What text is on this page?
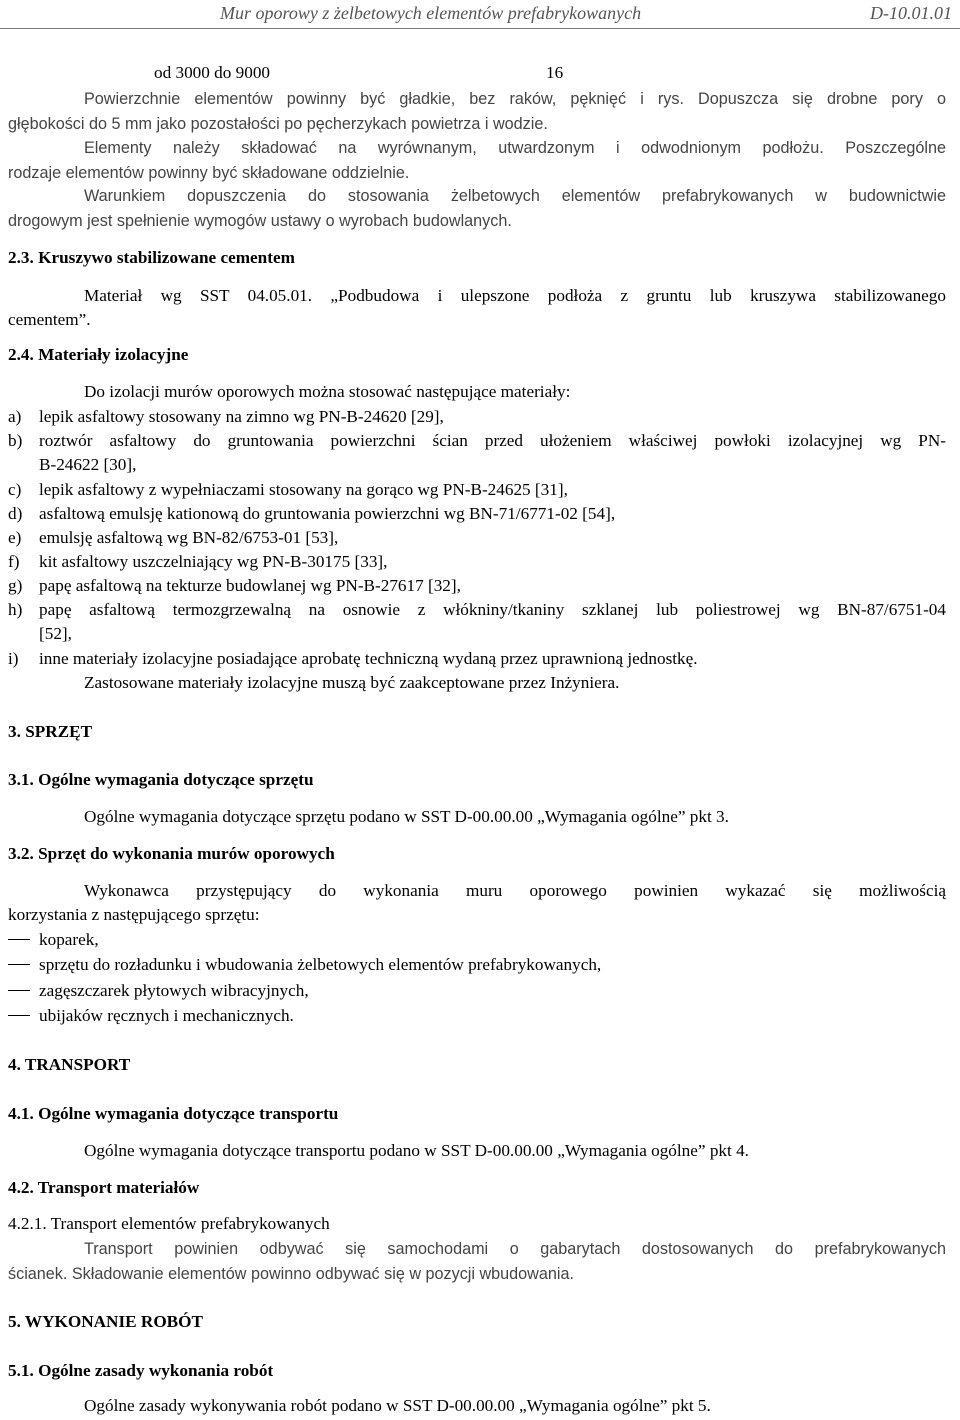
Mur oporowy z żelbetowych elementów prefabrykowanych	D-10.01.01
od 3000 do 9000	16
Powierzchnie elementów powinny być gładkie, bez raków, pęknięć i rys. Dopuszcza się drobne pory o
głębokości do 5 mm jako pozostałości po pęcherzykach powietrza i wodzie.
Elementy należy składować na wyrównanym, utwardzonym i odwodnionym podłożu. Poszczególne
rodzaje elementów powinny być składowane oddzielnie.
Warunkiem dopuszczenia do stosowania żelbetowych elementów prefabrykowanych w budownictwie
drogowym jest spełnienie wymogów ustawy o wyrobach budowlanych.
2.3. Kruszywo stabilizowane cementem
Materiał wg SST 04.05.01. „Podbudowa i ulepszone podłoża z gruntu lub kruszywa stabilizowanego
cementem”.
2.4. Materiały izolacyjne
Do izolacji murów oporowych można stosować następujące materiały:
a) lepik asfaltowy stosowany na zimno wg PN-B-24620 [29],
b) roztwór asfaltowy do gruntowania powierzchni ścian przed ułożeniem właściwej powłoki izolacyjnej wg PN-
B-24622 [30],
c) lepik asfaltowy z wypełniaczami stosowany na gorąco wg PN-B-24625 [31],
d) asfaltową emulsję kationową do gruntowania powierzchni wg BN-71/6771-02 [54],
e) emulsję asfaltową wg BN-82/6753-01 [53],
f) kit asfaltowy uszczelniający wg PN-B-30175 [33],
g) papę asfaltową na tekturze budowlanej wg PN-B-27617 [32],
h) papę asfaltową termozgrzewalną na osnowie z włókniny/tkaniny szklanej lub poliestrowej wg BN-87/6751-04
[52],
i) inne materiały izolacyjne posiadające aprobatę techniczną wydaną przez uprawnioną jednostkę.
Zastosowane materiały izolacyjne muszą być zaakceptowane przez Inżyniera.
3. SPRZĘT
3.1. Ogólne wymagania dotyczące sprzętu
Ogólne wymagania dotyczące sprzętu podano w SST D-00.00.00 „Wymagania ogólne” pkt 3.
3.2. Sprzęt do wykonania murów oporowych
Wykonawca przystępujący do wykonania muru oporowego powinien wykazać się możliwością
korzystania z następującego sprzętu:
koparek,
sprzętu do rozładunku i wbudowania żelbetowych elementów prefabrykowanych,
zagęszczarek płytowych wibracyjnych,
ubijaków ręcznych i mechanicznych.
4. TRANSPORT
4.1. Ogólne wymagania dotyczące transportu
Ogólne wymagania dotyczące transportu podano w SST D-00.00.00 „Wymagania ogólne” pkt 4.
4.2. Transport materiałów
4.2.1. Transport elementów prefabrykowanych
Transport powinien odbywać się samochodami o gabarytach dostosowanych do prefabrykowanych
ścianek. Składowanie elementów powinno odbywać się w pozycji wbudowania.
5. WYKONANIE ROBÓT
5.1. Ogólne zasady wykonania robót
Ogólne zasady wykonywania robót podano w SST D-00.00.00 „Wymagania ogólne” pkt 5.
